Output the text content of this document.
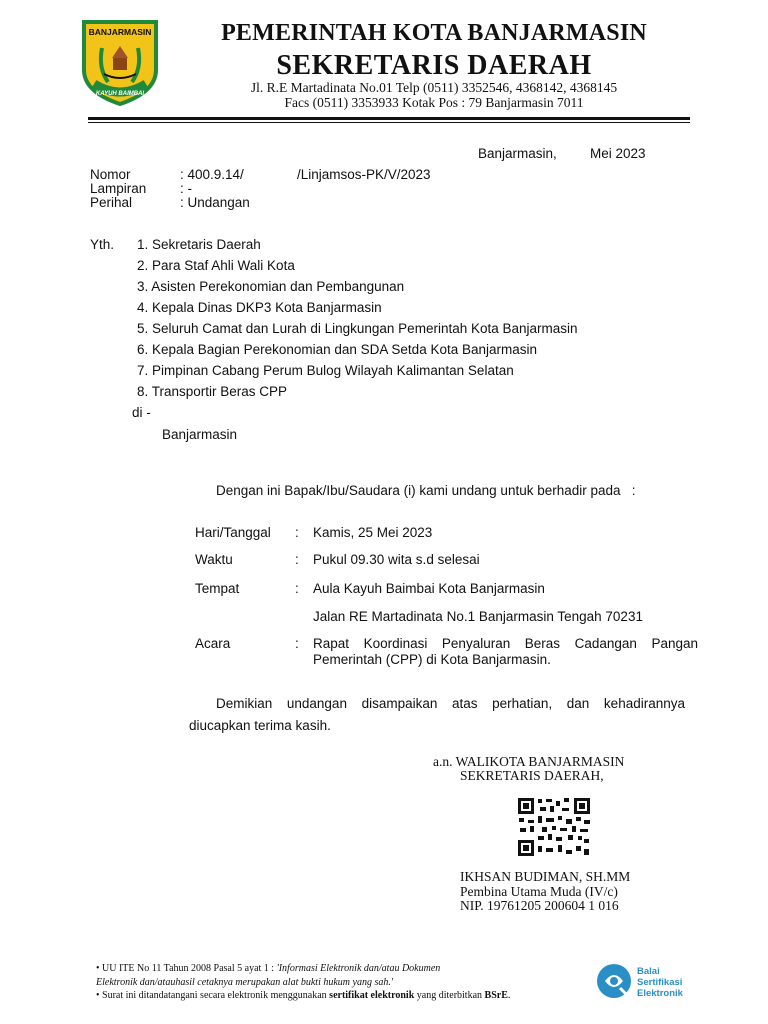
BANJARMASIN
KAYUH BAIMBAI
PEMERINTAH KOTA BANJARMASIN
SEKRETARIS DAERAH
Jl. R.E Martadinata No.01 Telp (0511) 3352546, 4368142, 4368145
Facs (0511) 3353933 Kotak Pos : 79 Banjarmasin 7011
Banjarmasin, Mei 2023
Nomor	: 400.9.14/	/Linjamsos-PK/V/2023
Lampiran : -
Perihal	: Undangan
Yth. 1. Sekretaris Daerah
2. Para Staf Ahli Wali Kota
3. Asisten Perekonomian dan Pembangunan
4. Kepala Dinas DKP3 Kota Banjarmasin
5. Seluruh Camat dan Lurah di Lingkungan Pemerintah Kota Banjarmasin
6. Kepala Bagian Perekonomian dan SDA Setda Kota Banjarmasin
7. Pimpinan Cabang Perum Bulog Wilayah Kalimantan Selatan
8. Transportir Beras CPP
di -
Banjarmasin
Dengan ini Bapak/Ibu/Saudara (i) kami undang untuk berhadir pada   :
Hari/Tanggal : Kamis, 25 Mei 2023
Waktu	: Pukul 09.30 wita s.d selesai
Tempat	: Aula Kayuh Baimbai Kota Banjarmasin
Jalan RE Martadinata No.1 Banjarmasin Tengah 70231
Acara	: Rapat Koordinasi Penyaluran Beras Cadangan Pangan
Pemerintah (CPP) di Kota Banjarmasin.
Demikian undangan disampaikan atas perhatian, dan kehadirannya
diucapkan terima kasih.
a.n. WALIKOTA BANJARMASIN
SEKRETARIS DAERAH,
IKHSAN BUDIMAN, SH.MM
Pembina Utama Muda (IV/c)
NIP. 19761205 200604 1 016
• UU ITE No 11 Tahun 2008 Pasal 5 ayat 1 : 'Informasi Elektronik dan/atau Dokumen
Elektronik dan/atauhasil cetaknya merupakan alat bukti hukum yang sah.'
• Surat ini ditandatangani secara elektronik menggunakan sertifikat elektronik yang diterbitkan BSrE.
Balai
Sertifikasi
Elektronik
